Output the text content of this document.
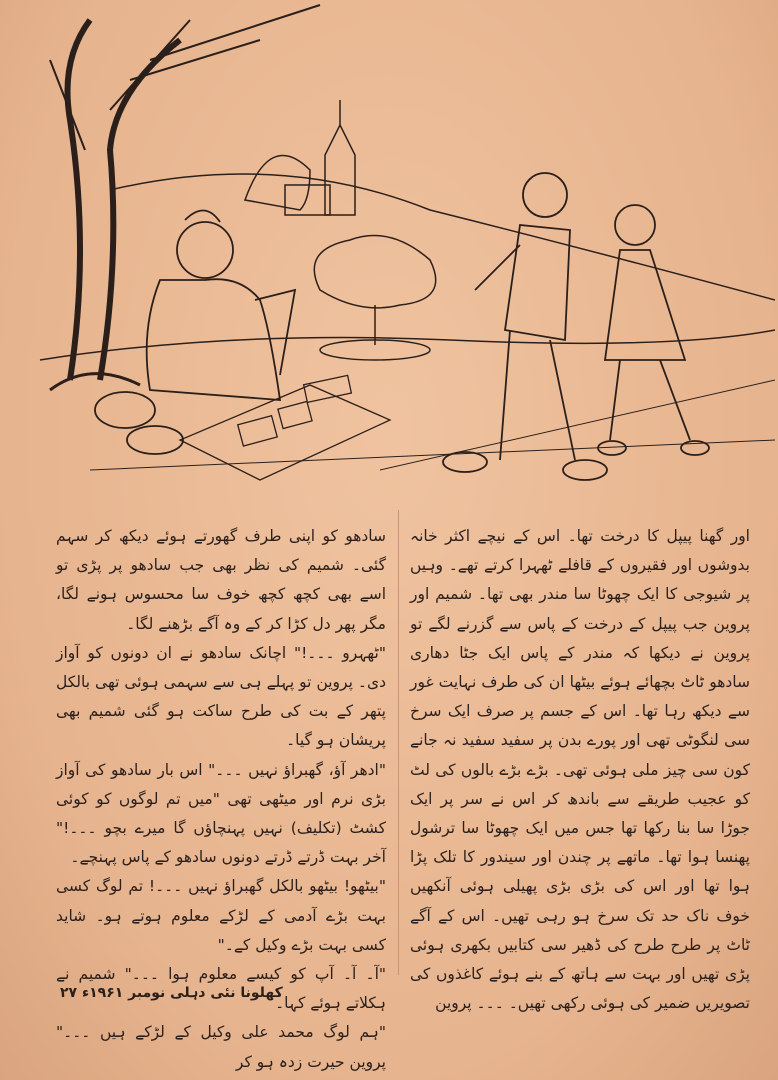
اور گھنا پیپل کا درخت تھا۔ اس کے نیچے اکثر خانہ بدوشوں اور فقیروں کے قافلے ٹھہرا کرتے تھے۔ وہیں پر شیوجی کا ایک چھوٹا سا مندر بھی تھا۔ شمیم اور پروین جب پیپل کے درخت کے پاس سے گزرنے لگے تو پروین نے دیکھا کہ مندر کے پاس ایک جٹا دھاری سادھو ٹاٹ بچھائے ہوئے بیٹھا ان کی طرف نہایت غور سے دیکھ رہا تھا۔ اس کے جسم پر صرف ایک سرخ سی لنگوٹی تھی اور پورے بدن پر سفید سفید نہ جانے کون سی چیز ملی ہوئی تھی۔ بڑے بڑے بالوں کی لٹ کو عجیب طریقے سے باندھ کر اس نے سر پر ایک جوڑا سا بنا رکھا تھا جس میں ایک چھوٹا سا ترشول پھنسا ہوا تھا۔ ماتھے پر چندن اور سیندور کا تلک پڑا ہوا تھا اور اس کی بڑی بڑی پھیلی ہوئی آنکھیں خوف ناک حد تک سرخ ہو رہی تھیں۔ اس کے آگے ٹاٹ پر طرح طرح کی ڈھیر سی کتابیں بکھری ہوئی پڑی تھیں اور بہت سے ہاتھ کے بنے ہوئے کاغذوں کی تصویریں ضمیر کی ہوئی رکھی تھیں۔ ۔۔۔ پروین

سادھو کو اپنی طرف گھورتے ہوئے دیکھ کر سہم گئی۔ شمیم کی نظر بھی جب سادھو پر پڑی تو اسے بھی کچھ کچھ خوف سا محسوس ہونے لگا، مگر پھر دل کڑا کر کے وہ آگے بڑھنے لگا۔

"ٹھہرو ۔۔۔!" اچانک سادھو نے ان دونوں کو آواز دی۔ پروین تو پہلے ہی سے سہمی ہوئی تھی بالکل پتھر کے بت کی طرح ساکت ہو گئی شمیم بھی پریشان ہو گیا۔

"ادھر آؤ، گھبراؤ نہیں ۔۔۔" اس بار سادھو کی آواز بڑی نرم اور میٹھی تھی "میں تم لوگوں کو کوئی کشٹ (تکلیف) نہیں پہنچاؤں گا میرے بچو ۔۔۔!" آخر بہت ڈرتے ڈرتے دونوں سادھو کے پاس پہنچے۔

"بیٹھو! بیٹھو بالکل گھبراؤ نہیں ۔۔۔! تم لوگ کسی بہت بڑے آدمی کے لڑکے معلوم ہوتے ہو۔ شاید کسی بہت بڑے وکیل کے۔"

"آ۔ آ۔ آپ کو کیسے معلوم ہوا ۔۔۔" شمیم نے ہکلاتے ہوئے کہا۔

"ہم لوگ محمد علی وکیل کے لڑکے ہیں ۔۔۔" پروین حیرت زدہ ہو کر

کھلونا نئی دہلی نومبر ۱۹۶۱ء ۲۷
